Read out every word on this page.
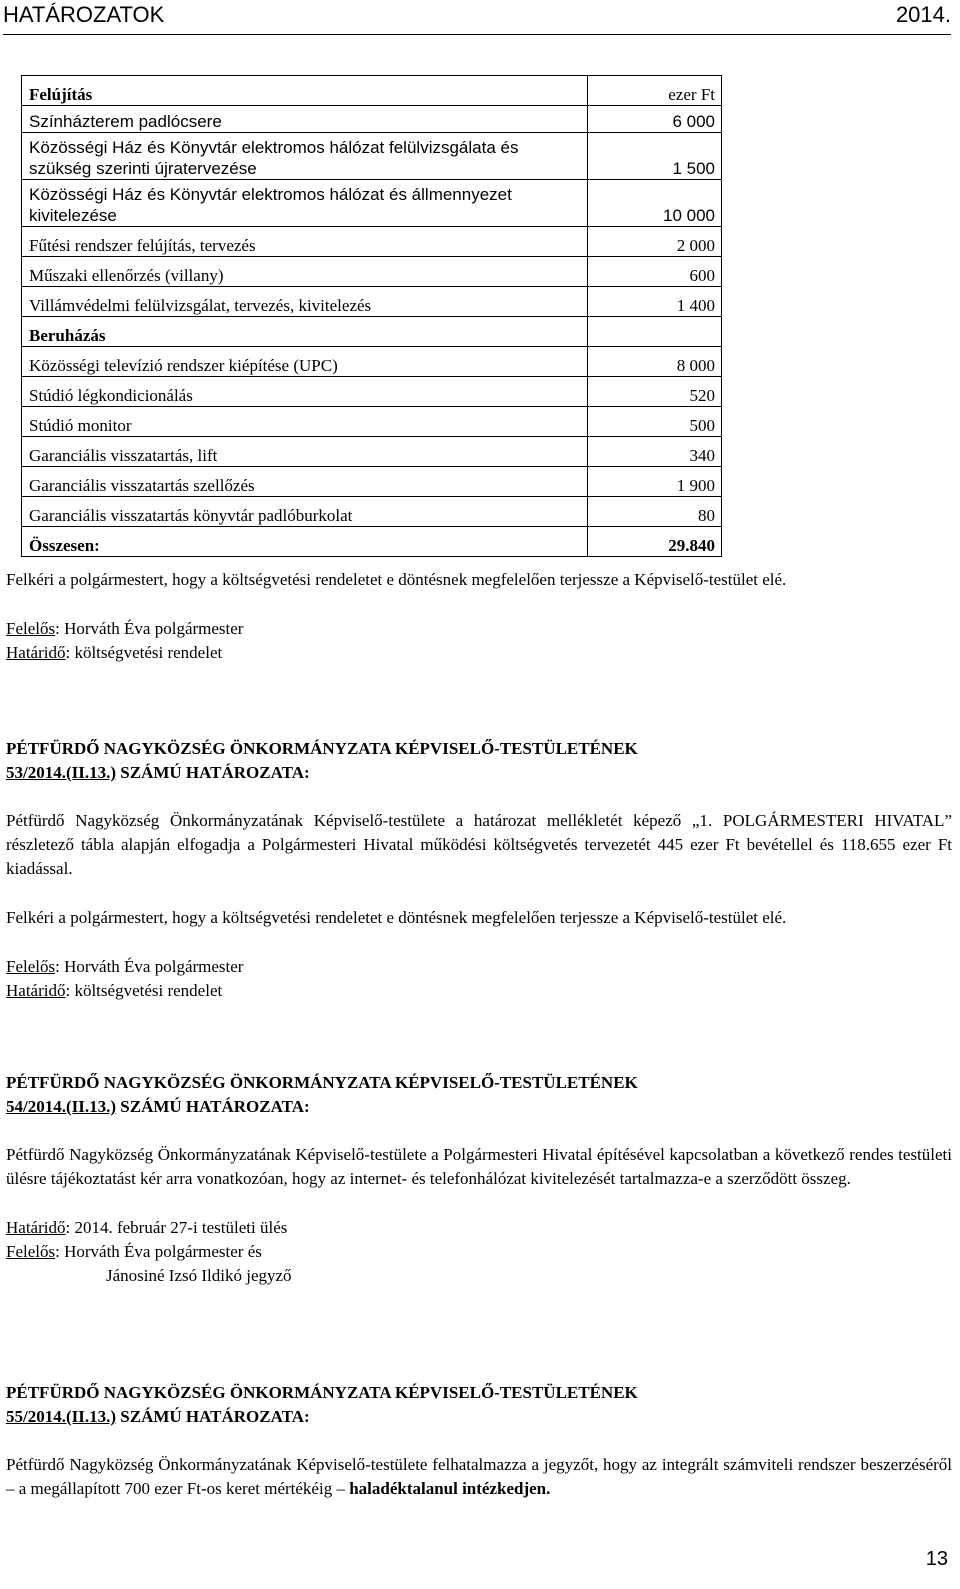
HATÁROZATOK	2014.
Felújítás	ezer Ft
Színházterem padlócsere	6 000
Közösségi Ház és Könyvtár elektromos hálózat felülvizsgálata és szükség szerinti újratervezése	1 500
Közösségi Ház és Könyvtár elektromos hálózat és állmennyezet kivitelezése	10 000
Fűtési rendszer felújítás, tervezés	2 000
Műszaki ellenőrzés (villany)	600
Villámvédelmi felülvizsgálat, tervezés, kivitelezés	1 400
Beruházás	
Közösségi televízió rendszer kiépítése (UPC)	8 000
Stúdió légkondicionálás	520
Stúdió monitor	500
Garanciális visszatartás, lift	340
Garanciális visszatartás szellőzés	1 900
Garanciális visszatartás könyvtár padlóburkolat	80
Összesen:	29.840

Felkéri a polgármestert, hogy a költségvetési rendeletet e döntésnek megfelelően terjessze a Képviselő-testület elé.

Felelős: Horváth Éva polgármester

Határidő: költségvetési rendelet

PÉTFÜRDŐ NAGYKÖZSÉG ÖNKORMÁNYZATA KÉPVISELŐ-TESTÜLETÉNEK

53/2014.(II.13.) SZÁMÚ HATÁROZATA:

Pétfürdő Nagyközség Önkormányzatának Képviselő-testülete a határozat mellékletét képező „1. POLGÁRMESTERI HIVATAL” részletező tábla alapján elfogadja a Polgármesteri Hivatal működési költségvetés tervezetét 445 ezer Ft bevétellel és 118.655 ezer Ft kiadással.

Felkéri a polgármestert, hogy a költségvetési rendeletet e döntésnek megfelelően terjessze a Képviselő-testület elé.

Felelős: Horváth Éva polgármester

Határidő: költségvetési rendelet

PÉTFÜRDŐ NAGYKÖZSÉG ÖNKORMÁNYZATA KÉPVISELŐ-TESTÜLETÉNEK

54/2014.(II.13.) SZÁMÚ HATÁROZATA:

Pétfürdő Nagyközség Önkormányzatának Képviselő-testülete a Polgármesteri Hivatal építésével kapcsolatban a következő rendes testületi ülésre tájékoztatást kér arra vonatkozóan, hogy az internet- és telefonhálózat kivitelezését tartalmazza-e a szerződött összeg.

Határidő: 2014. február 27-i testületi ülés

Felelős: Horváth Éva polgármester és

Jánosiné Izsó Ildikó jegyző

PÉTFÜRDŐ NAGYKÖZSÉG ÖNKORMÁNYZATA KÉPVISELŐ-TESTÜLETÉNEK

55/2014.(II.13.) SZÁMÚ HATÁROZATA:

Pétfürdő Nagyközség Önkormányzatának Képviselő-testülete felhatalmazza a jegyzőt, hogy az integrált számviteli rendszer beszerzéséről – a megállapított 700 ezer Ft-os keret mértékéig – haladéktalanul intézkedjen.

13
